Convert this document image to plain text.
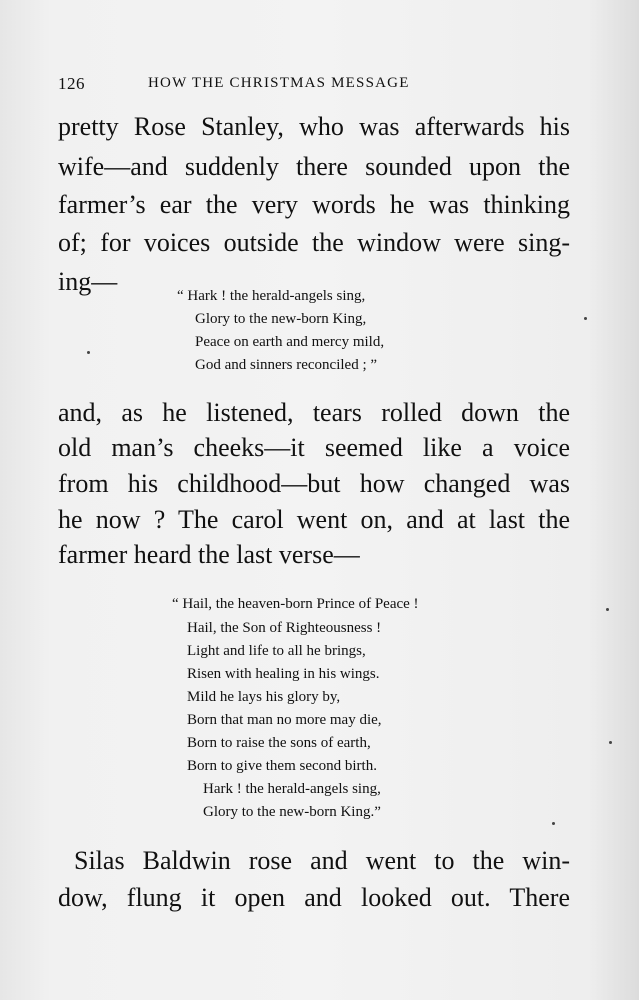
126	HOW THE CHRISTMAS MESSAGE
pretty Rose Stanley, who was afterwards his
wife—and suddenly there sounded upon the
farmer’s ear the very words he was thinking
of; for voices outside the window were sing-
ing—	“ Hark ! the herald-angels sing,
Glory to the new-born King,
Peace on earth and mercy mild,
God and sinners reconciled ; ”
and, as he listened, tears rolled down the
old man’s cheeks—it seemed like a voice
from his childhood—but how changed was
he now ? The carol went on, and at last the
farmer heard the last verse—
“ Hail, the heaven-born Prince of Peace !
Hail, the Son of Righteousness !
Light and life to all he brings,
Risen with healing in his wings.
Mild he lays his glory by,
Born that man no more may die,
Born to raise the sons of earth,
Born to give them second birth.
Hark ! the herald-angels sing,
Glory to the new-born King.”
Silas Baldwin rose and went to the win-
dow, flung it open and looked out. There
